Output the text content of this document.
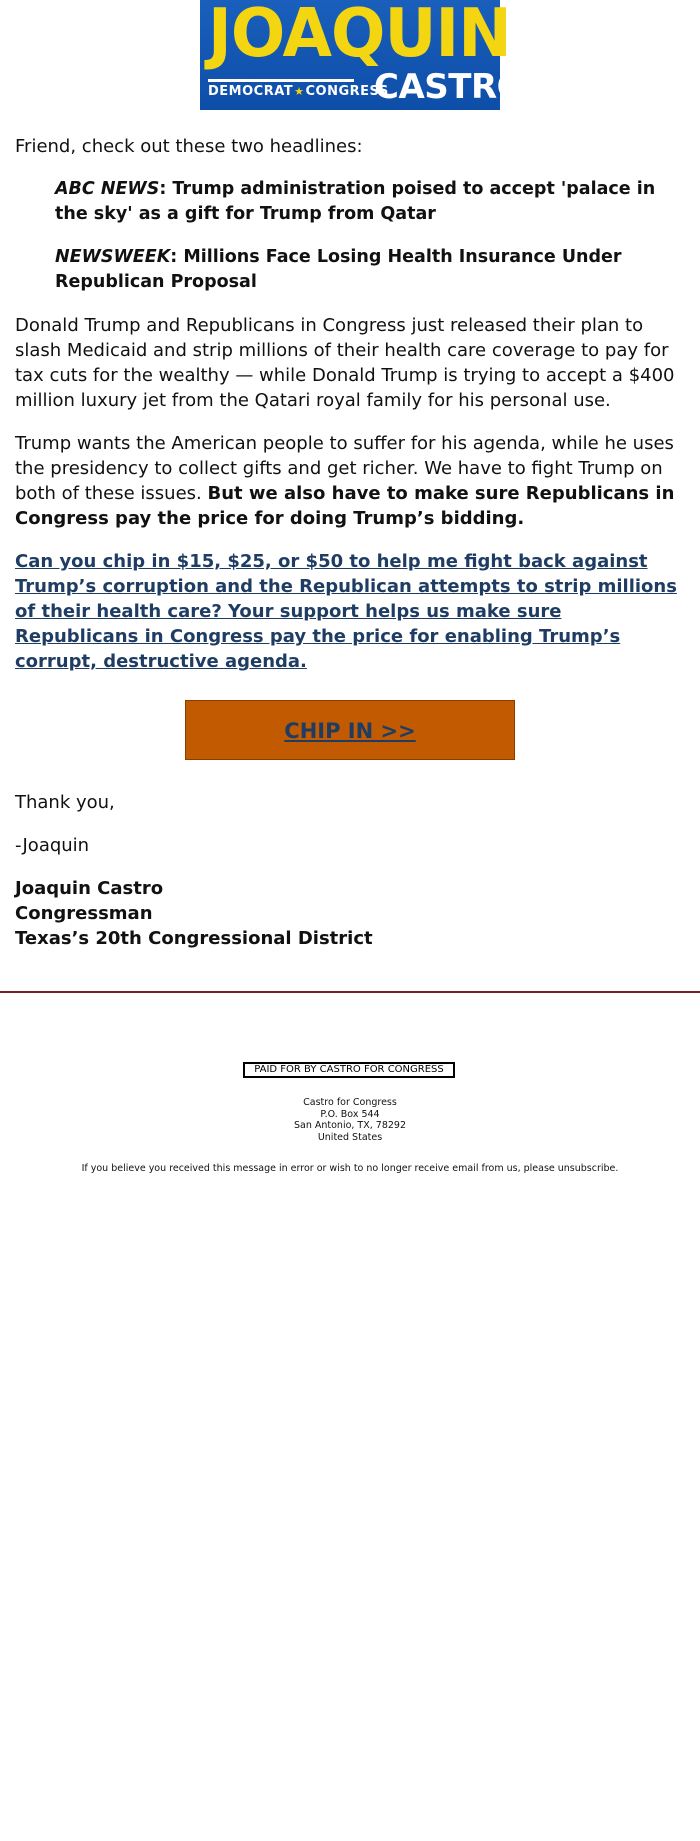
JOAQUIN
DEMOCRAT★CONGRESS
CASTRO

Friend, check out these two headlines:

ABC NEWS: Trump administration poised to accept 'palace in the sky' as a gift for Trump from Qatar

NEWSWEEK: Millions Face Losing Health Insurance Under Republican Proposal

Donald Trump and Republicans in Congress just released their plan to slash Medicaid and strip millions of their health care coverage to pay for tax cuts for the wealthy — while Donald Trump is trying to accept a $400 million luxury jet from the Qatari royal family for his personal use.

Trump wants the American people to suffer for his agenda, while he uses the presidency to collect gifts and get richer. We have to fight Trump on both of these issues. But we also have to make sure Republicans in Congress pay the price for doing Trump’s bidding.

Can you chip in $15, $25, or $50 to help me fight back against Trump’s corruption and the Republican attempts to strip millions of their health care? Your support helps us make sure Republicans in Congress pay the price for enabling Trump’s corrupt, destructive agenda.

CHIP IN >>

Thank you,

-Joaquin

Joaquin Castro
Congressman
Texas’s 20th Congressional District
PAID FOR BY CASTRO FOR CONGRESS
Castro for Congress
P.O. Box 544
San Antonio, TX, 78292
United States
If you believe you received this message in error or wish to no longer receive email from us, please unsubscribe.
